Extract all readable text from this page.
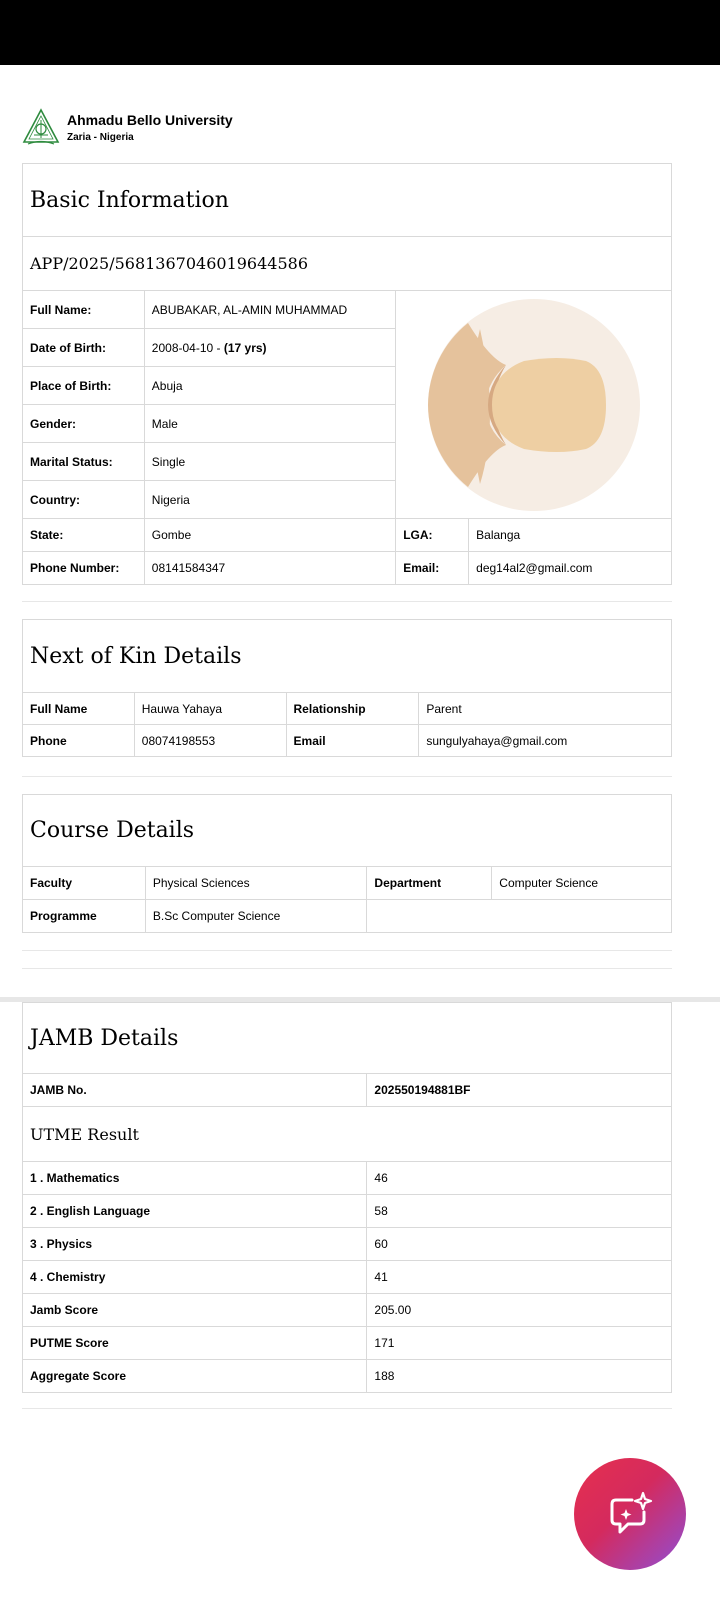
Ahmadu Bello University
Zaria - Nigeria
Basic Information			
APP/2025/5681367046019644586			
Full Name:	ABUBAKAR, AL-AMIN MUHAMMAD	

Date of Birth:	2008-04-10 - (17 yrs)		
Place of Birth:	Abuja		
Gender:	Male		
Marital Status:	Single		
Country:	Nigeria		
State:	Gombe	LGA:	Balanga
Phone Number:	08141584347	Email:	deg14al2@gmail.com
Next of Kin Details			
Full Name	Hauwa Yahaya	Relationship	Parent
Phone	08074198553	Email	sungulyahaya@gmail.com
Course Details			
Faculty	Physical Sciences	Department	Computer Science
Programme	B.Sc Computer Science		
JAMB Details	
JAMB No.	202550194881BF
UTME Result	
1 . Mathematics	46
2 . English Language	58
3 . Physics	60
4 . Chemistry	41
Jamb Score	205.00
PUTME Score	171
Aggregate Score	188
